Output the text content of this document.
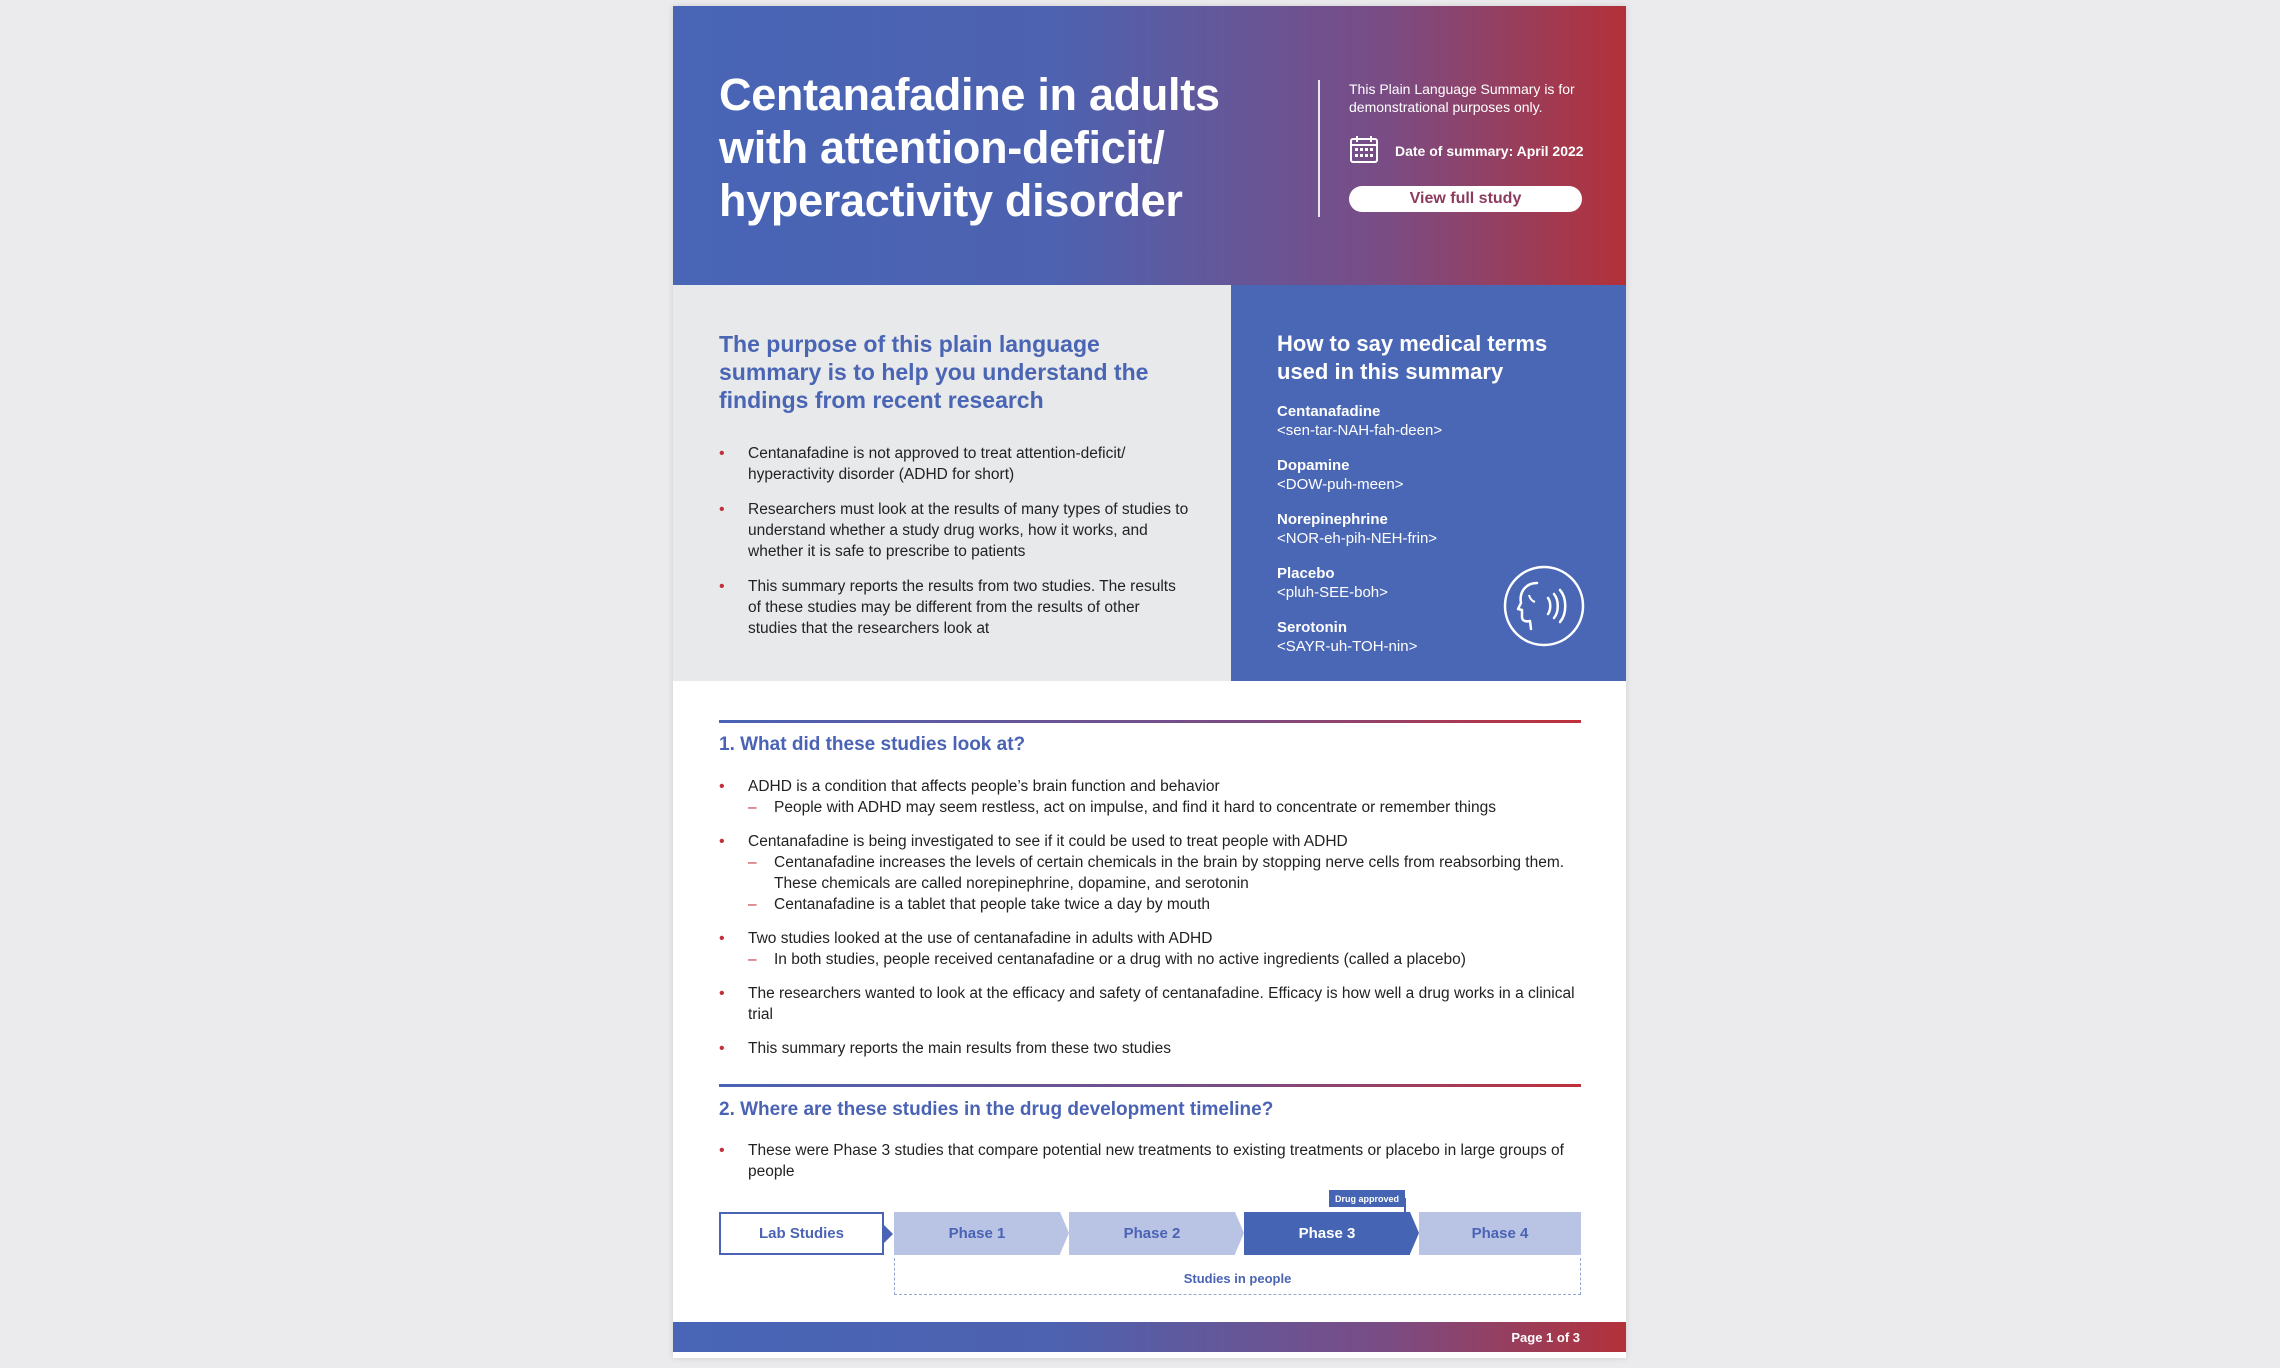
Centanafadine in adults with attention-deficit/ hyperactivity disorder
This Plain Language Summary is for demonstrational purposes only.
Date of summary: April 2022
View full study
The purpose of this plain language summary is to help you understand the findings from recent research
• Centanafadine is not approved to treat attention-deficit/ hyperactivity disorder (ADHD for short)
• Researchers must look at the results of many types of studies to understand whether a study drug works, how it works, and whether it is safe to prescribe to patients
• This summary reports the results from two studies. The results of these studies may be different from the results of other studies that the researchers look at
How to say medical terms used in this summary
Centanafadine
<sen-tar-NAH-fah-deen>
Dopamine
<DOW-puh-meen>
Norepinephrine
<NOR-eh-pih-NEH-frin>
Placebo
<pluh-SEE-boh>
Serotonin
<SAYR-uh-TOH-nin>
1. What did these studies look at?
• ADHD is a condition that affects people’s brain function and behavior
– People with ADHD may seem restless, act on impulse, and find it hard to concentrate or remember things
• Centanafadine is being investigated to see if it could be used to treat people with ADHD
– Centanafadine increases the levels of certain chemicals in the brain by stopping nerve cells from reabsorbing them. These chemicals are called norepinephrine, dopamine, and serotonin
– Centanafadine is a tablet that people take twice a day by mouth
• Two studies looked at the use of centanafadine in adults with ADHD
– In both studies, people received centanafadine or a drug with no active ingredients (called a placebo)
• The researchers wanted to look at the efficacy and safety of centanafadine. Efficacy is how well a drug works in a clinical trial
• This summary reports the main results from these two studies
2. Where are these studies in the drug development timeline?
• These were Phase 3 studies that compare potential new treatments to existing treatments or placebo in large groups of people
Lab Studies	Phase 1	Phase 2
Drug approved
Phase 3	Phase 4
Studies in people
Page 1 of 3
